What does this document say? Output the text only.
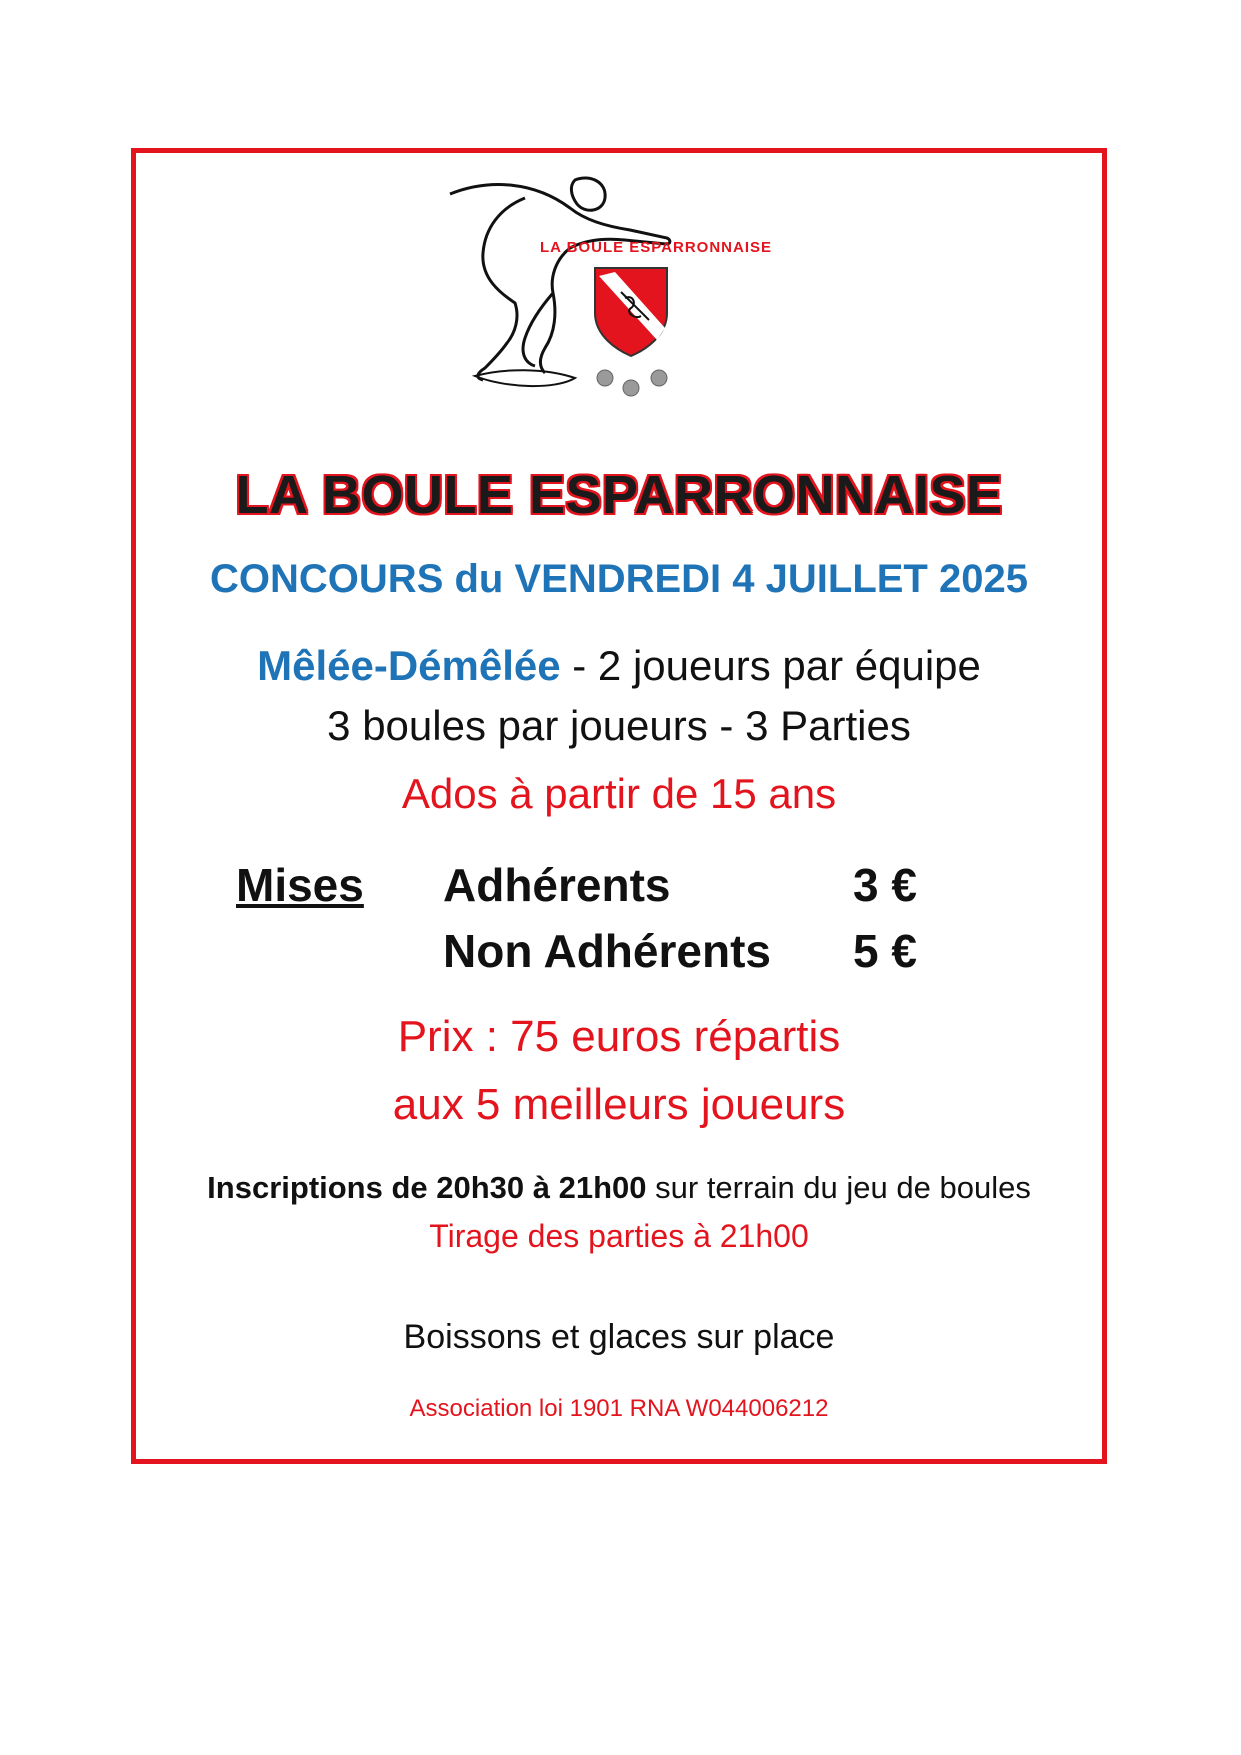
LA BOULE ESPARRONNAISE
LA BOULE ESPARRONNAISE
CONCOURS du VENDREDI 4 JUILLET 2025
Mêlée-Démêlée - 2 joueurs par équipe
3 boules par joueurs - 3 Parties
Ados à partir de 15 ans
Mises Adhérents	3 €
Non Adhérents 5 €
Prix : 75 euros répartis
aux 5 meilleurs joueurs
Inscriptions de 20h30 à 21h00 sur terrain du jeu de boules
Tirage des parties à 21h00
Boissons et glaces sur place
Association loi 1901 RNA W044006212
